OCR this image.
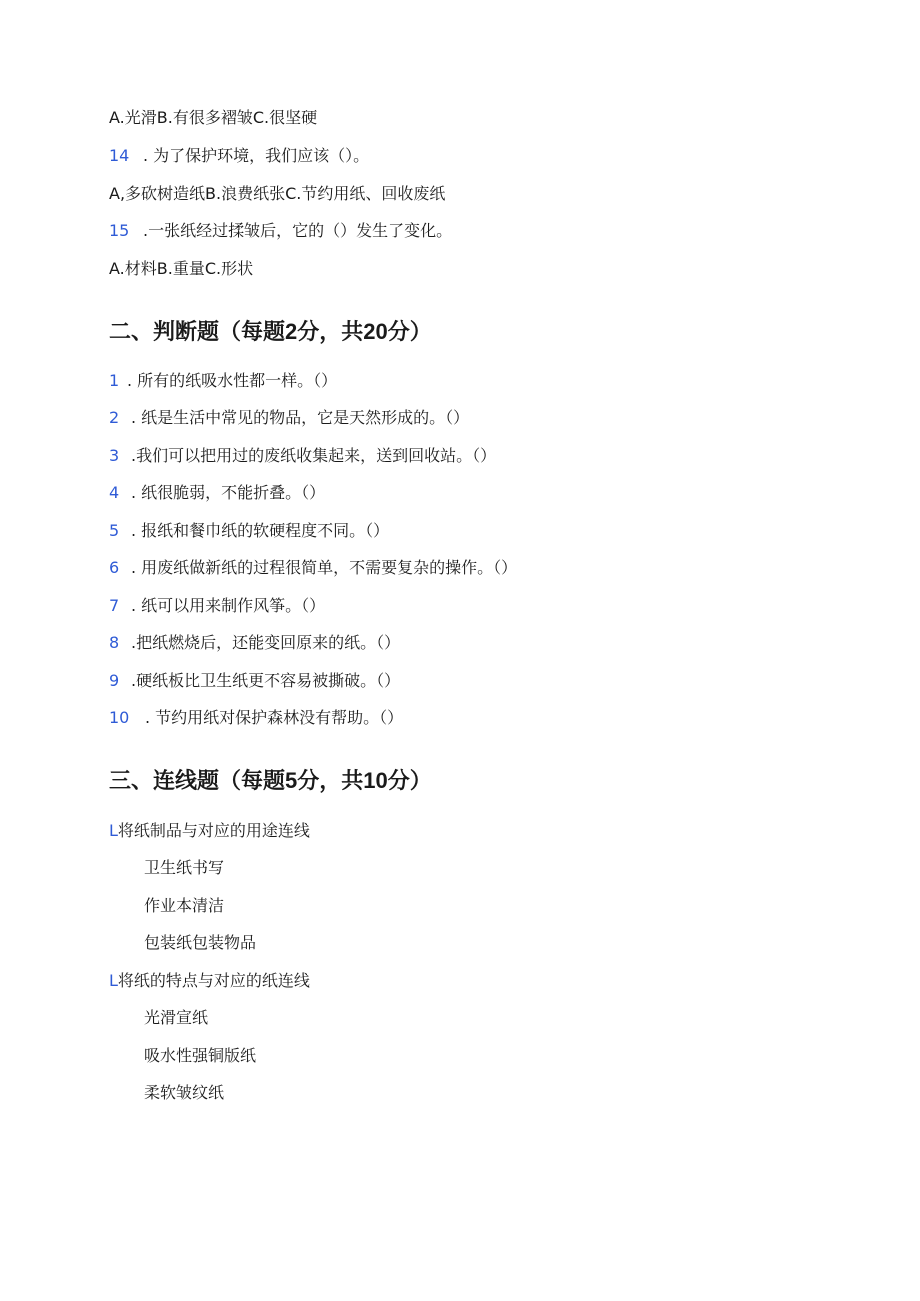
A.光滑B.有很多褶皱C.很坚硬
14 . 为了保护环境，我们应该（）。
A,多砍树造纸B.浪费纸张C.节约用纸、回收废纸
15 .一张纸经过揉皱后，它的（）发生了变化。
A.材料B.重量C.形状
二、判断题（每题2分，共20分）
1 . 所有的纸吸水性都一样。（）
2 . 纸是生活中常见的物品，它是天然形成的。（）
3 .我们可以把用过的废纸收集起来，送到回收站。（）
4 . 纸很脆弱，不能折叠。（）
5 . 报纸和餐巾纸的软硬程度不同。（）
6 . 用废纸做新纸的过程很简单，不需要复杂的操作。（）
7 . 纸可以用来制作风筝。（）
8 .把纸燃烧后，还能变回原来的纸。（）
9 .硬纸板比卫生纸更不容易被撕破。（）
10 . 节约用纸对保护森林没有帮助。（）
三、连线题（每题5分，共10分）
L将纸制品与对应的用途连线
卫生纸书写
作业本清洁
包装纸包装物品
L将纸的特点与对应的纸连线
光滑宣纸
吸水性强铜版纸
柔软皱纹纸
